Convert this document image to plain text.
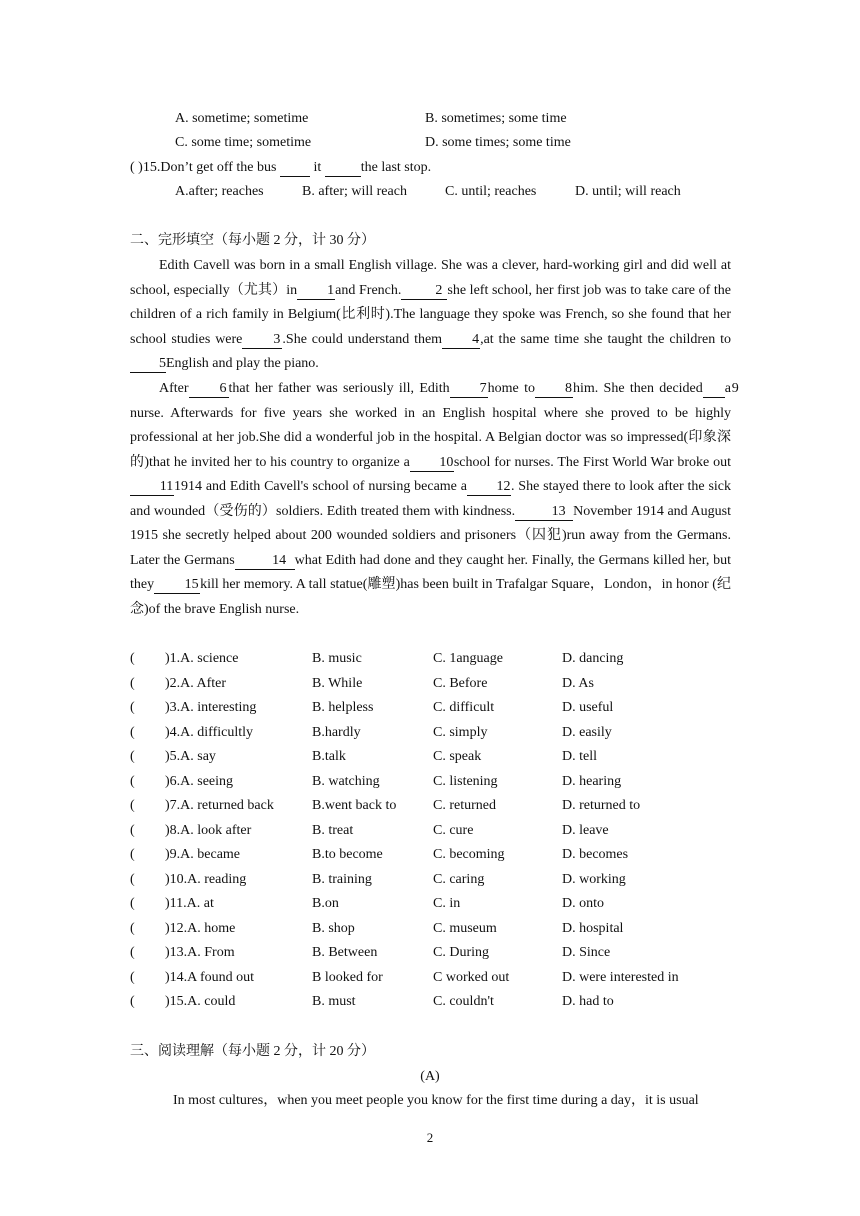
A. sometime; sometime	B. sometimes; some time
C. some time; sometime	D. some times; some time
( )15.Don’t get off the bus	it	the last stop.
A.after; reaches	B. after; will reach	C. until; reaches	D. until; will reach
二、完形填空（每小题 2 分，计 30 分）
Edith Cavell was born in a small English village. She was a clever, hard-working girl and did well at school, especially（尤其）in 1and French. 2 she left school, her first job was to take care of the children of a rich family in Belgium(比利时).The language they spoke was French, so she found that her school studies were 3 .She could understand them 4,at the same time she taught the children to5English and play the piano.
After 6 that her father was seriously ill, Edith 7home to 8him. She then decided 9a nurse. Afterwards for five years she worked in an English hospital where she proved to be highly professional at her job.She did a wonderful job in the hospital. A Belgian doctor was so impressed(印象深的)that he invited her to his country to organize a 10school for nurses. The First World War broke out111914 and Edith Cavell's school of nursing became a 12. She stayed there to look after the sick and wounded（受伤的）soldiers. Edith treated them with kindness.	13 November 1914 and August 1915 she secretly helped about 200 wounded soldiers and prisoners（囚犯)run away from the Germans. Later the Germans	14 what Edith had done and they caught her. Finally, the Germans killed her, but they 15 kill her memory. A tall statue(雕塑)has been built in Trafalgar Square，London，in honor (纪念)of the brave English nurse.
( )1.A. science	B. music	C. 1anguage	D. dancing
( )2.A. After	B. While	C. Before	D. As
( )3.A. interesting	B. helpless	C. difficult	D. useful
( )4.A. difficultly	B.hardly	C. simply	D. easily
( )5.A. say	B.talk	C. speak	D. tell
( )6.A. seeing	B. watching	C. listening	D. hearing
( )7.A. returned back	B.went back to	C. returned	D. returned to
( )8.A. look after	B. treat	C. cure	D. leave
( )9.A. became	B.to become	C. becoming	D. becomes
( )10.A. reading	B. training	C. caring	D. working
( )11.A. at	B.on	C. in	D. onto
( )12.A. home	B. shop	C. museum	D. hospital
( )13.A. From	B. Between	C. During	D. Since
( )14.A found out	B looked for	C worked out	D. were interested in
( )15.A. could	B. must	C. couldn't	D. had to
三、阅读理解（每小题 2 分，计 20 分）
(A)
In most cultures，when you meet people you know for the first time during a day，it is usual
2
